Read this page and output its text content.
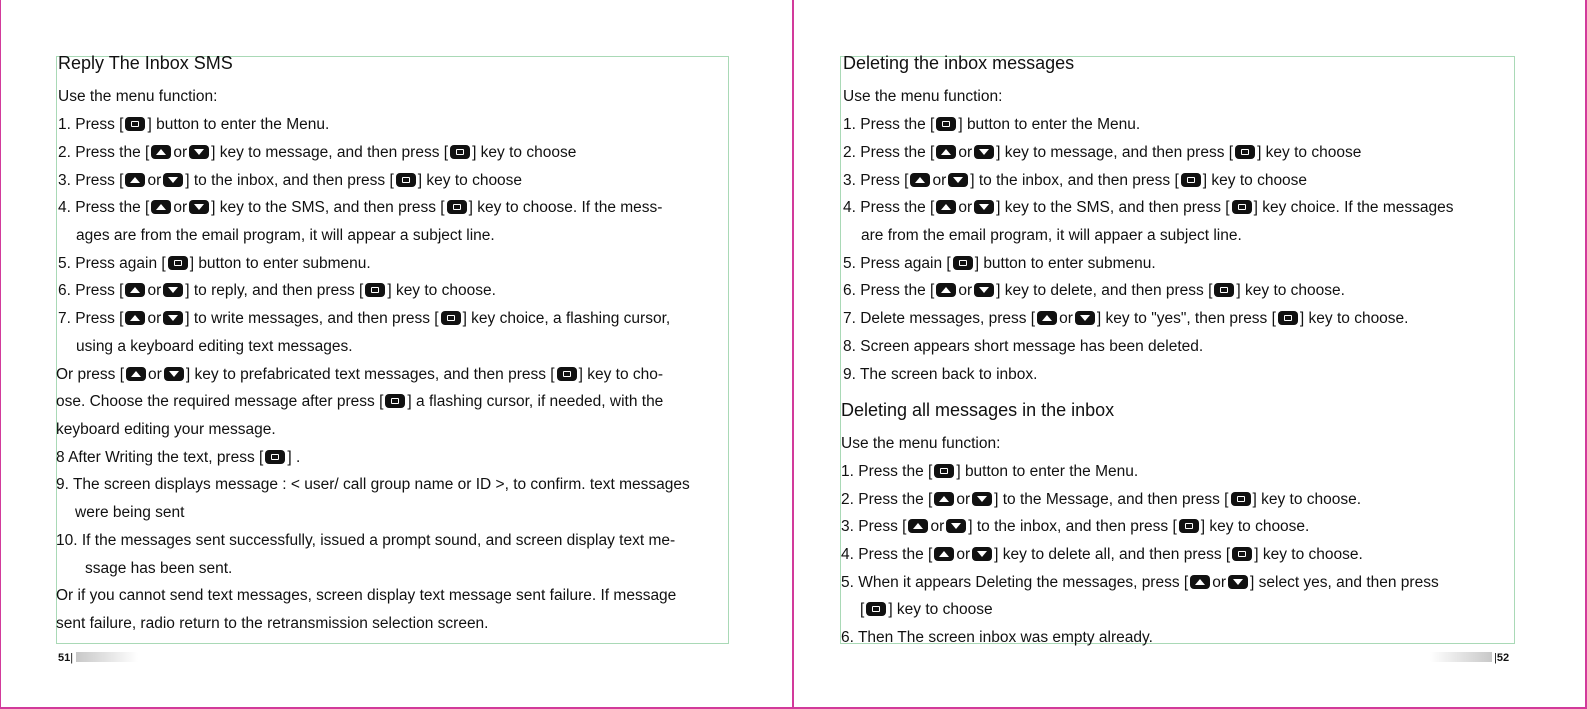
Reply The Inbox SMS
Use the menu function:
1. Press [ ] button to enter the Menu.
2. Press the [ or ] key to message, and then press [ ] key to choose
3. Press [ or ] to the inbox, and then press [ ] key to choose
4. Press the [ or ] key to the SMS, and then press [ ] key to choose. If the mess-
ages are from the email program, it will appear a subject line.
5. Press again [ ] button to enter submenu.
6. Press [ or ] to reply, and then press [ ] key to choose.
7. Press [ or ] to write messages, and then press [ ] key choice, a flashing cursor,
using a keyboard editing text messages.
Or press [ or ] key to prefabricated text messages, and then press [ ] key to cho-
ose. Choose the required message after press [ ] a flashing cursor, if needed, with the
keyboard editing your message.
8 After Writing the text, press [ ] .
9. The screen displays message : < user/ call group name or ID >, to confirm. text messages
were being sent
10. If the messages sent successfully, issued a prompt sound, and screen display text me-
ssage has been sent.
Or if you cannot send text messages, screen display text message sent failure. If message
sent failure, radio return to the retransmission selection screen.
51|
Deleting the inbox messages
Use the menu function:
1. Press the [ ] button to enter the Menu.
2. Press the [ or ] key to message, and then press [ ] key to choose
3. Press [ or ] to the inbox, and then press [ ] key to choose
4. Press the [ or ] key to the SMS, and then press [ ] key choice. If the messages
are from the email program, it will appaer a subject line.
5. Press again [ ] button to enter submenu.
6. Press the [ or ] key to delete, and then press [ ] key to choose.
7. Delete messages, press [ or ] key to "yes", then press [ ] key to choose.
8. Screen appears short message has been deleted.
9. The screen back to inbox.
Deleting all messages in the inbox
Use the menu function:
1. Press the [ ] button to enter the Menu.
2. Press the [ or ] to the Message, and then press [ ] key to choose.
3. Press [ or ] to the inbox, and then press [ ] key to choose.
4. Press the [ or ] key to delete all, and then press [ ] key to choose.
5. When it appears Deleting the messages, press [ or ] select yes, and then press
[ ] key to choose
6. Then The screen inbox was empty already.
|52
